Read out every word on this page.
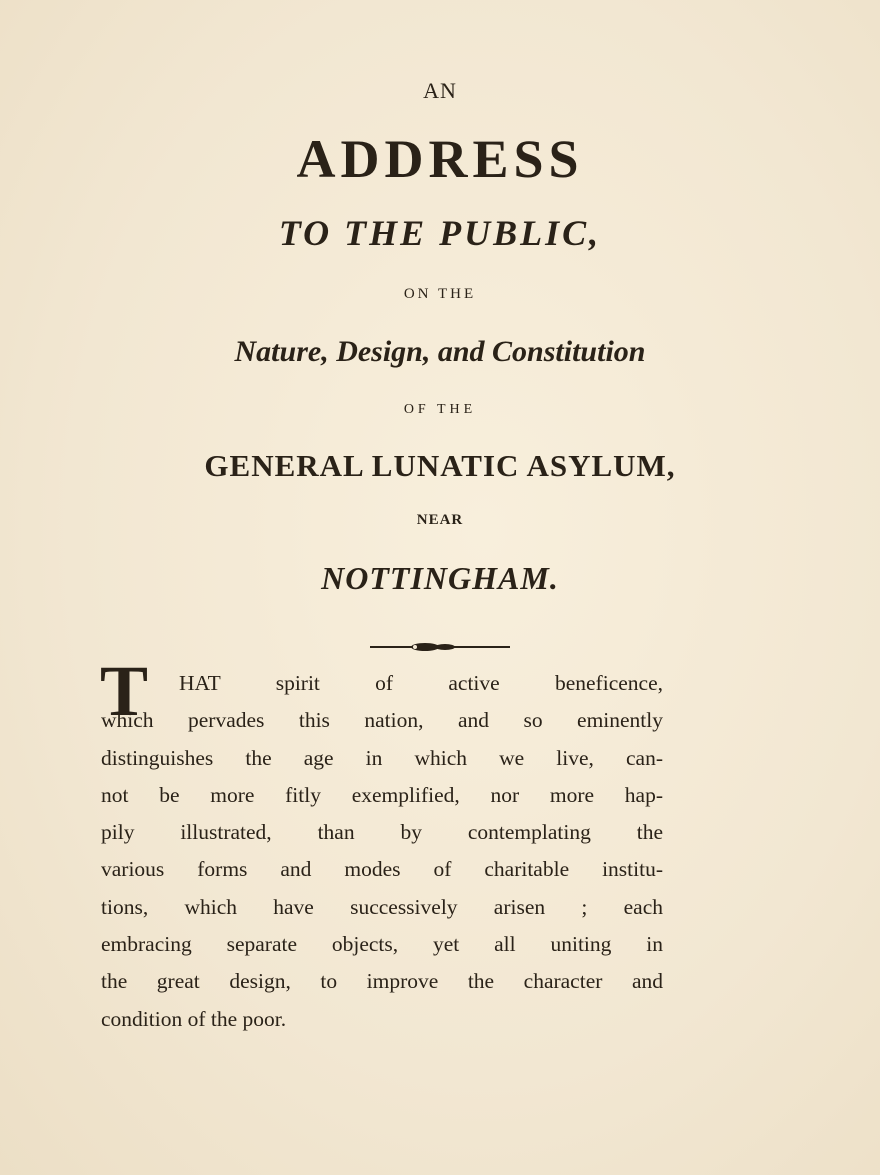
AN
ADDRESS
TO THE PUBLIC,
ON THE
Nature, Design, and Constitution
OF THE
GENERAL LUNATIC ASYLUM,
NEAR
NOTTINGHAM.
T	HAT spirit of active beneficence,
which pervades this nation, and so eminently
distinguishes the age in which we live, can-
not be more fitly exemplified, nor more hap-
pily illustrated, than by contemplating the
various forms and modes of charitable institu-
tions, which have successively arisen ; each
embracing separate objects, yet all uniting in
the great design, to improve the character and
condition of the poor.
